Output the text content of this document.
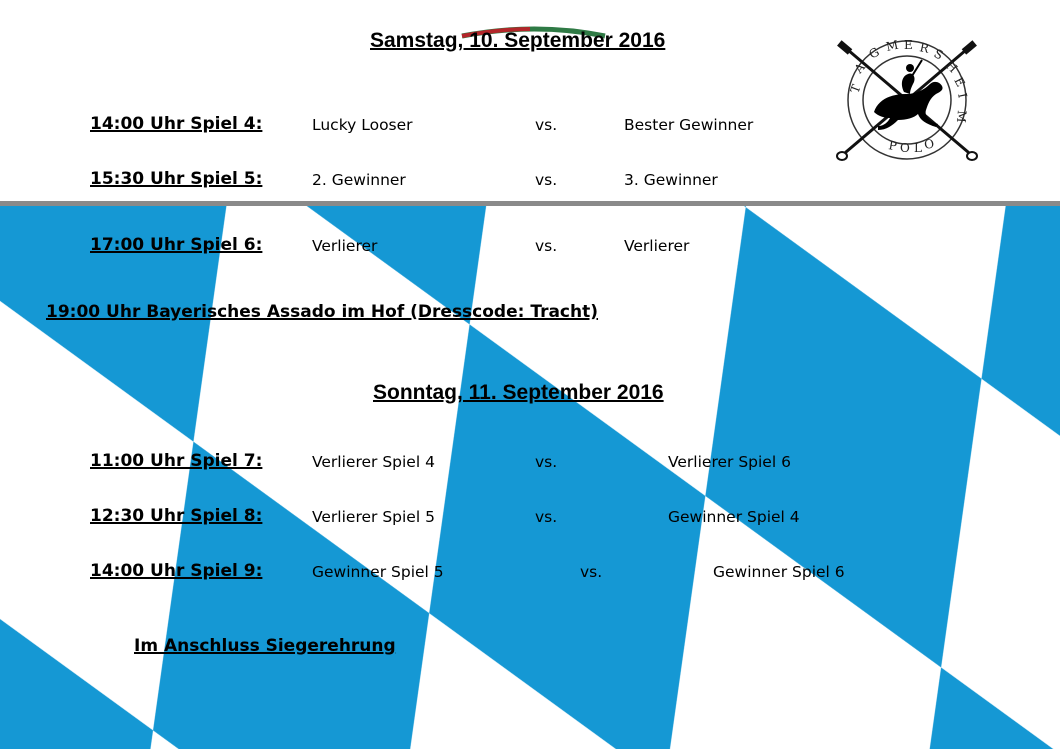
Samstag, 10. September 2016
14:00 Uhr Spiel 4:	Lucky Looser	vs.	Bester Gewinner
15:30 Uhr Spiel 5:	2. Gewinner	vs.	3. Gewinner
17:00 Uhr Spiel 6:	Verlierer	vs.	Verlierer
19:00 Uhr Bayerisches Assado im Hof (Dresscode: Tracht)
Sonntag, 11. September 2016
11:00 Uhr Spiel 7:	Verlierer Spiel 4	vs.	Verlierer Spiel 6
12:30 Uhr Spiel 8:	Verlierer Spiel 5	vs.	Gewinner Spiel 4
14:00 Uhr Spiel 9:	Gewinner Spiel 5	vs.	Gewinner Spiel 6
Im Anschluss Siegerehrung
T
A
G M E R S
H
E
I
M
P O L O
